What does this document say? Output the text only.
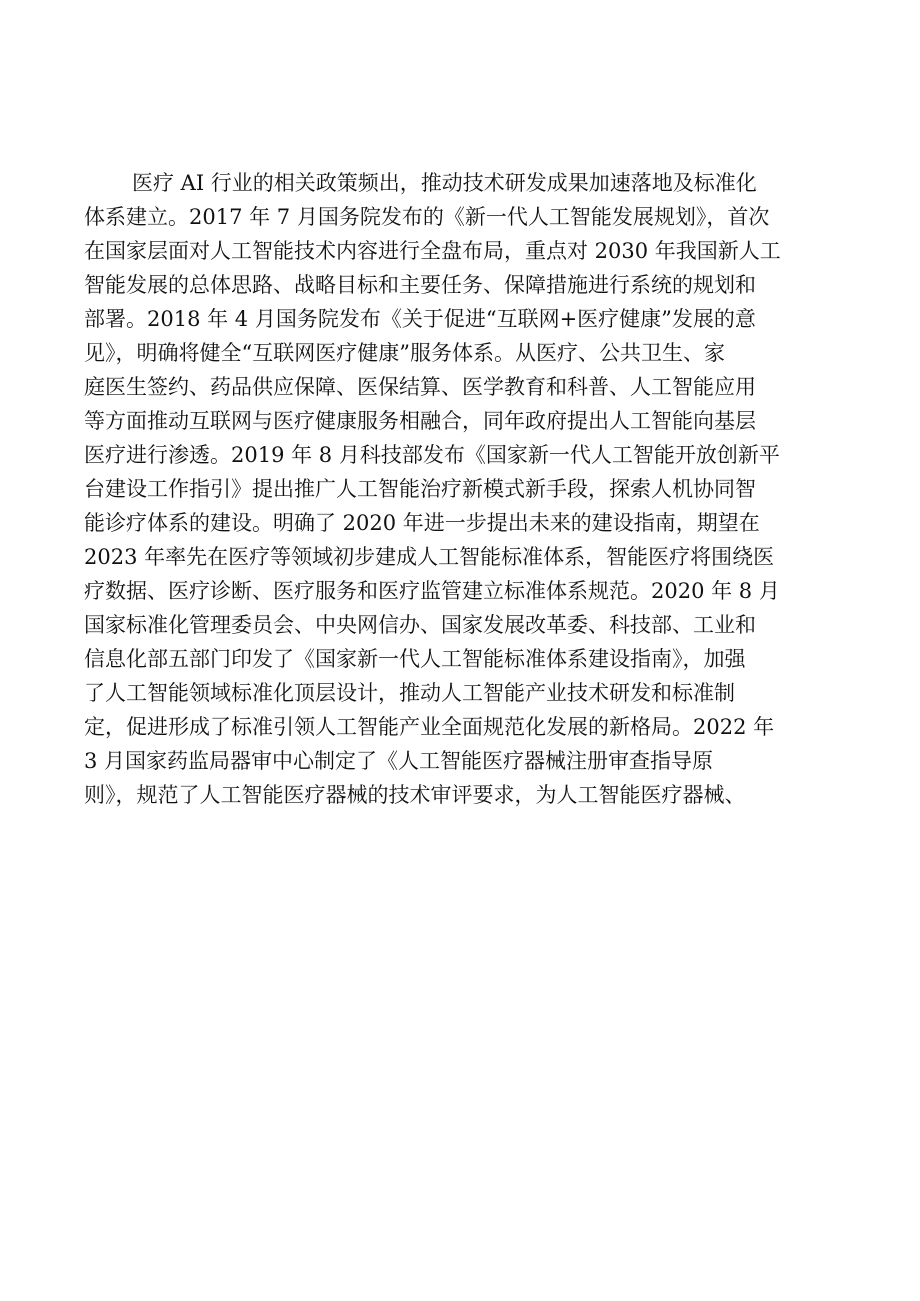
医疗 AI 行业的相关政策频出，推动技术研发成果加速落地及标准化
体系建立。2017 年 7 月国务院发布的《新一代人工智能发展规划》，首次
在国家层面对人工智能技术内容进行全盘布局，重点对 2030 年我国新人工
智能发展的总体思路、战略目标和主要任务、保障措施进行系统的规划和
部署。2018 年 4 月国务院发布《关于促进“互联网+医疗健康”发展的意
见》，明确将健全“互联网医疗健康”服务体系。从医疗、公共卫生、家
庭医生签约、药品供应保障、医保结算、医学教育和科普、人工智能应用
等方面推动互联网与医疗健康服务相融合，同年政府提出人工智能向基层
医疗进行渗透。2019 年 8 月科技部发布《国家新一代人工智能开放创新平
台建设工作指引》提出推广人工智能治疗新模式新手段，探索人机协同智
能诊疗体系的建设。明确了 2020 年进一步提出未来的建设指南，期望在
2023 年率先在医疗等领域初步建成人工智能标准体系，智能医疗将围绕医
疗数据、医疗诊断、医疗服务和医疗监管建立标准体系规范。2020 年 8 月
国家标准化管理委员会、中央网信办、国家发展改革委、科技部、工业和
信息化部五部门印发了《国家新一代人工智能标准体系建设指南》，加强
了人工智能领域标准化顶层设计，推动人工智能产业技术研发和标准制
定，促进形成了标准引领人工智能产业全面规范化发展的新格局。2022 年
3 月国家药监局器审中心制定了《人工智能医疗器械注册审查指导原
则》，规范了人工智能医疗器械的技术审评要求，为人工智能医疗器械、
